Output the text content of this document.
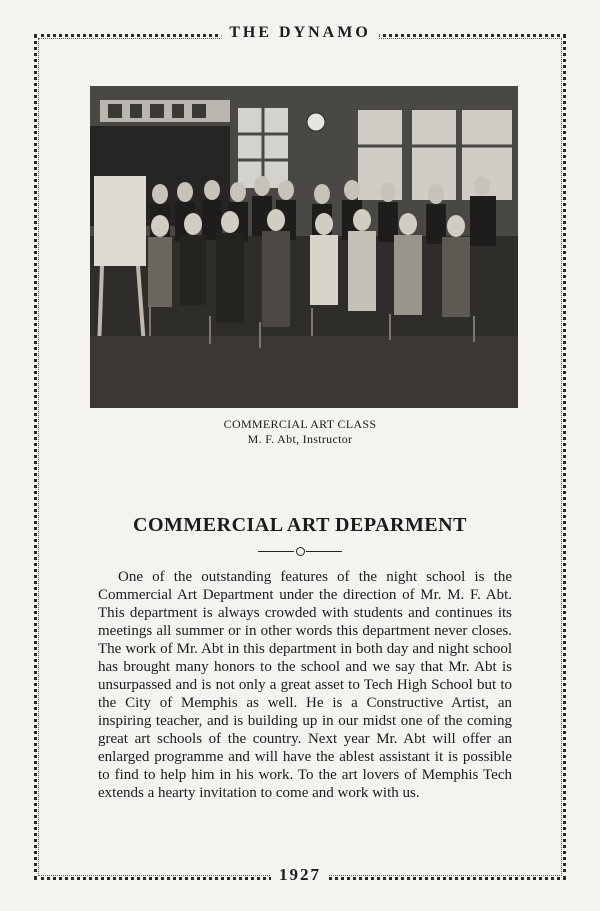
THE DYNAMO
COMMERCIAL ART CLASS
M. F. Abt, Instructor
COMMERCIAL ART DEPARMENT
One of the outstanding features of the night school is the Commercial Art Department under the direction of Mr. M. F. Abt. This department is always crowded with students and continues its meetings all summer or in other words this department never closes. The work of Mr. Abt in this department in both day and night school has brought many honors to the school and we say that Mr. Abt is unsurpassed and is not only a great asset to Tech High School but to the City of Memphis as well. He is a Constructive Artist, an inspiring teacher, and is building up in our midst one of the coming great art schools of the country. Next year Mr. Abt will offer an enlarged programme and will have the ablest assistant it is possible to find to help him in his work. To the art lovers of Memphis Tech extends a hearty invitation to come and work with us.
1927
